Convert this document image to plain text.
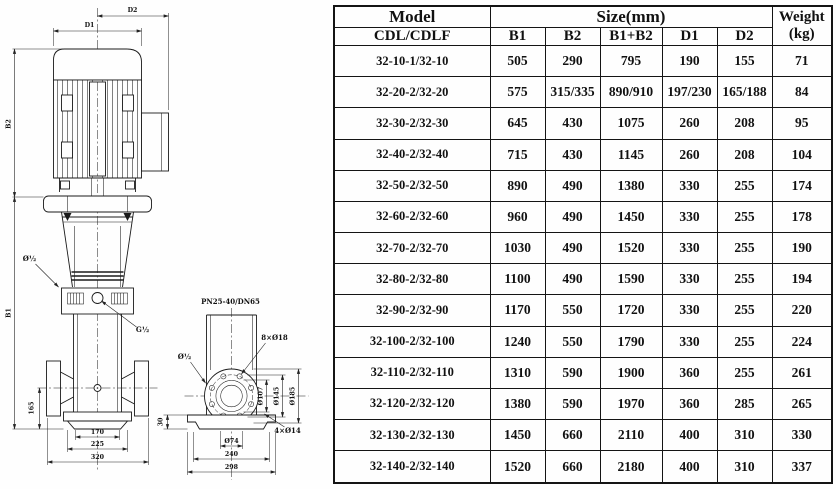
D2
D1
Ø½
G½
170
225
320
165
B2
B1
PN25-40/DN65
8×Ø18
Ø½
4×Ø14
30
Ø107 Ø145 Ø185
Ø74
240
298
Model	Size(mm)					Weight
(kg)

CDL/CDLF	B1	B2	B1+B2	D1	D2	
32-10-1/32-10	505	290	795	190	155	71
32-20-2/32-20	575	315/335	890/910	197/230	165/188	84
32-30-2/32-30	645	430	1075	260	208	95
32-40-2/32-40	715	430	1145	260	208	104
32-50-2/32-50	890	490	1380	330	255	174
32-60-2/32-60	960	490	1450	330	255	178
32-70-2/32-70	1030	490	1520	330	255	190
32-80-2/32-80	1100	490	1590	330	255	194
32-90-2/32-90	1170	550	1720	330	255	220
32-100-2/32-100	1240	550	1790	330	255	224
32-110-2/32-110	1310	590	1900	360	255	261
32-120-2/32-120	1380	590	1970	360	285	265
32-130-2/32-130	1450	660	2110	400	310	330
32-140-2/32-140	1520	660	2180	400	310	337
